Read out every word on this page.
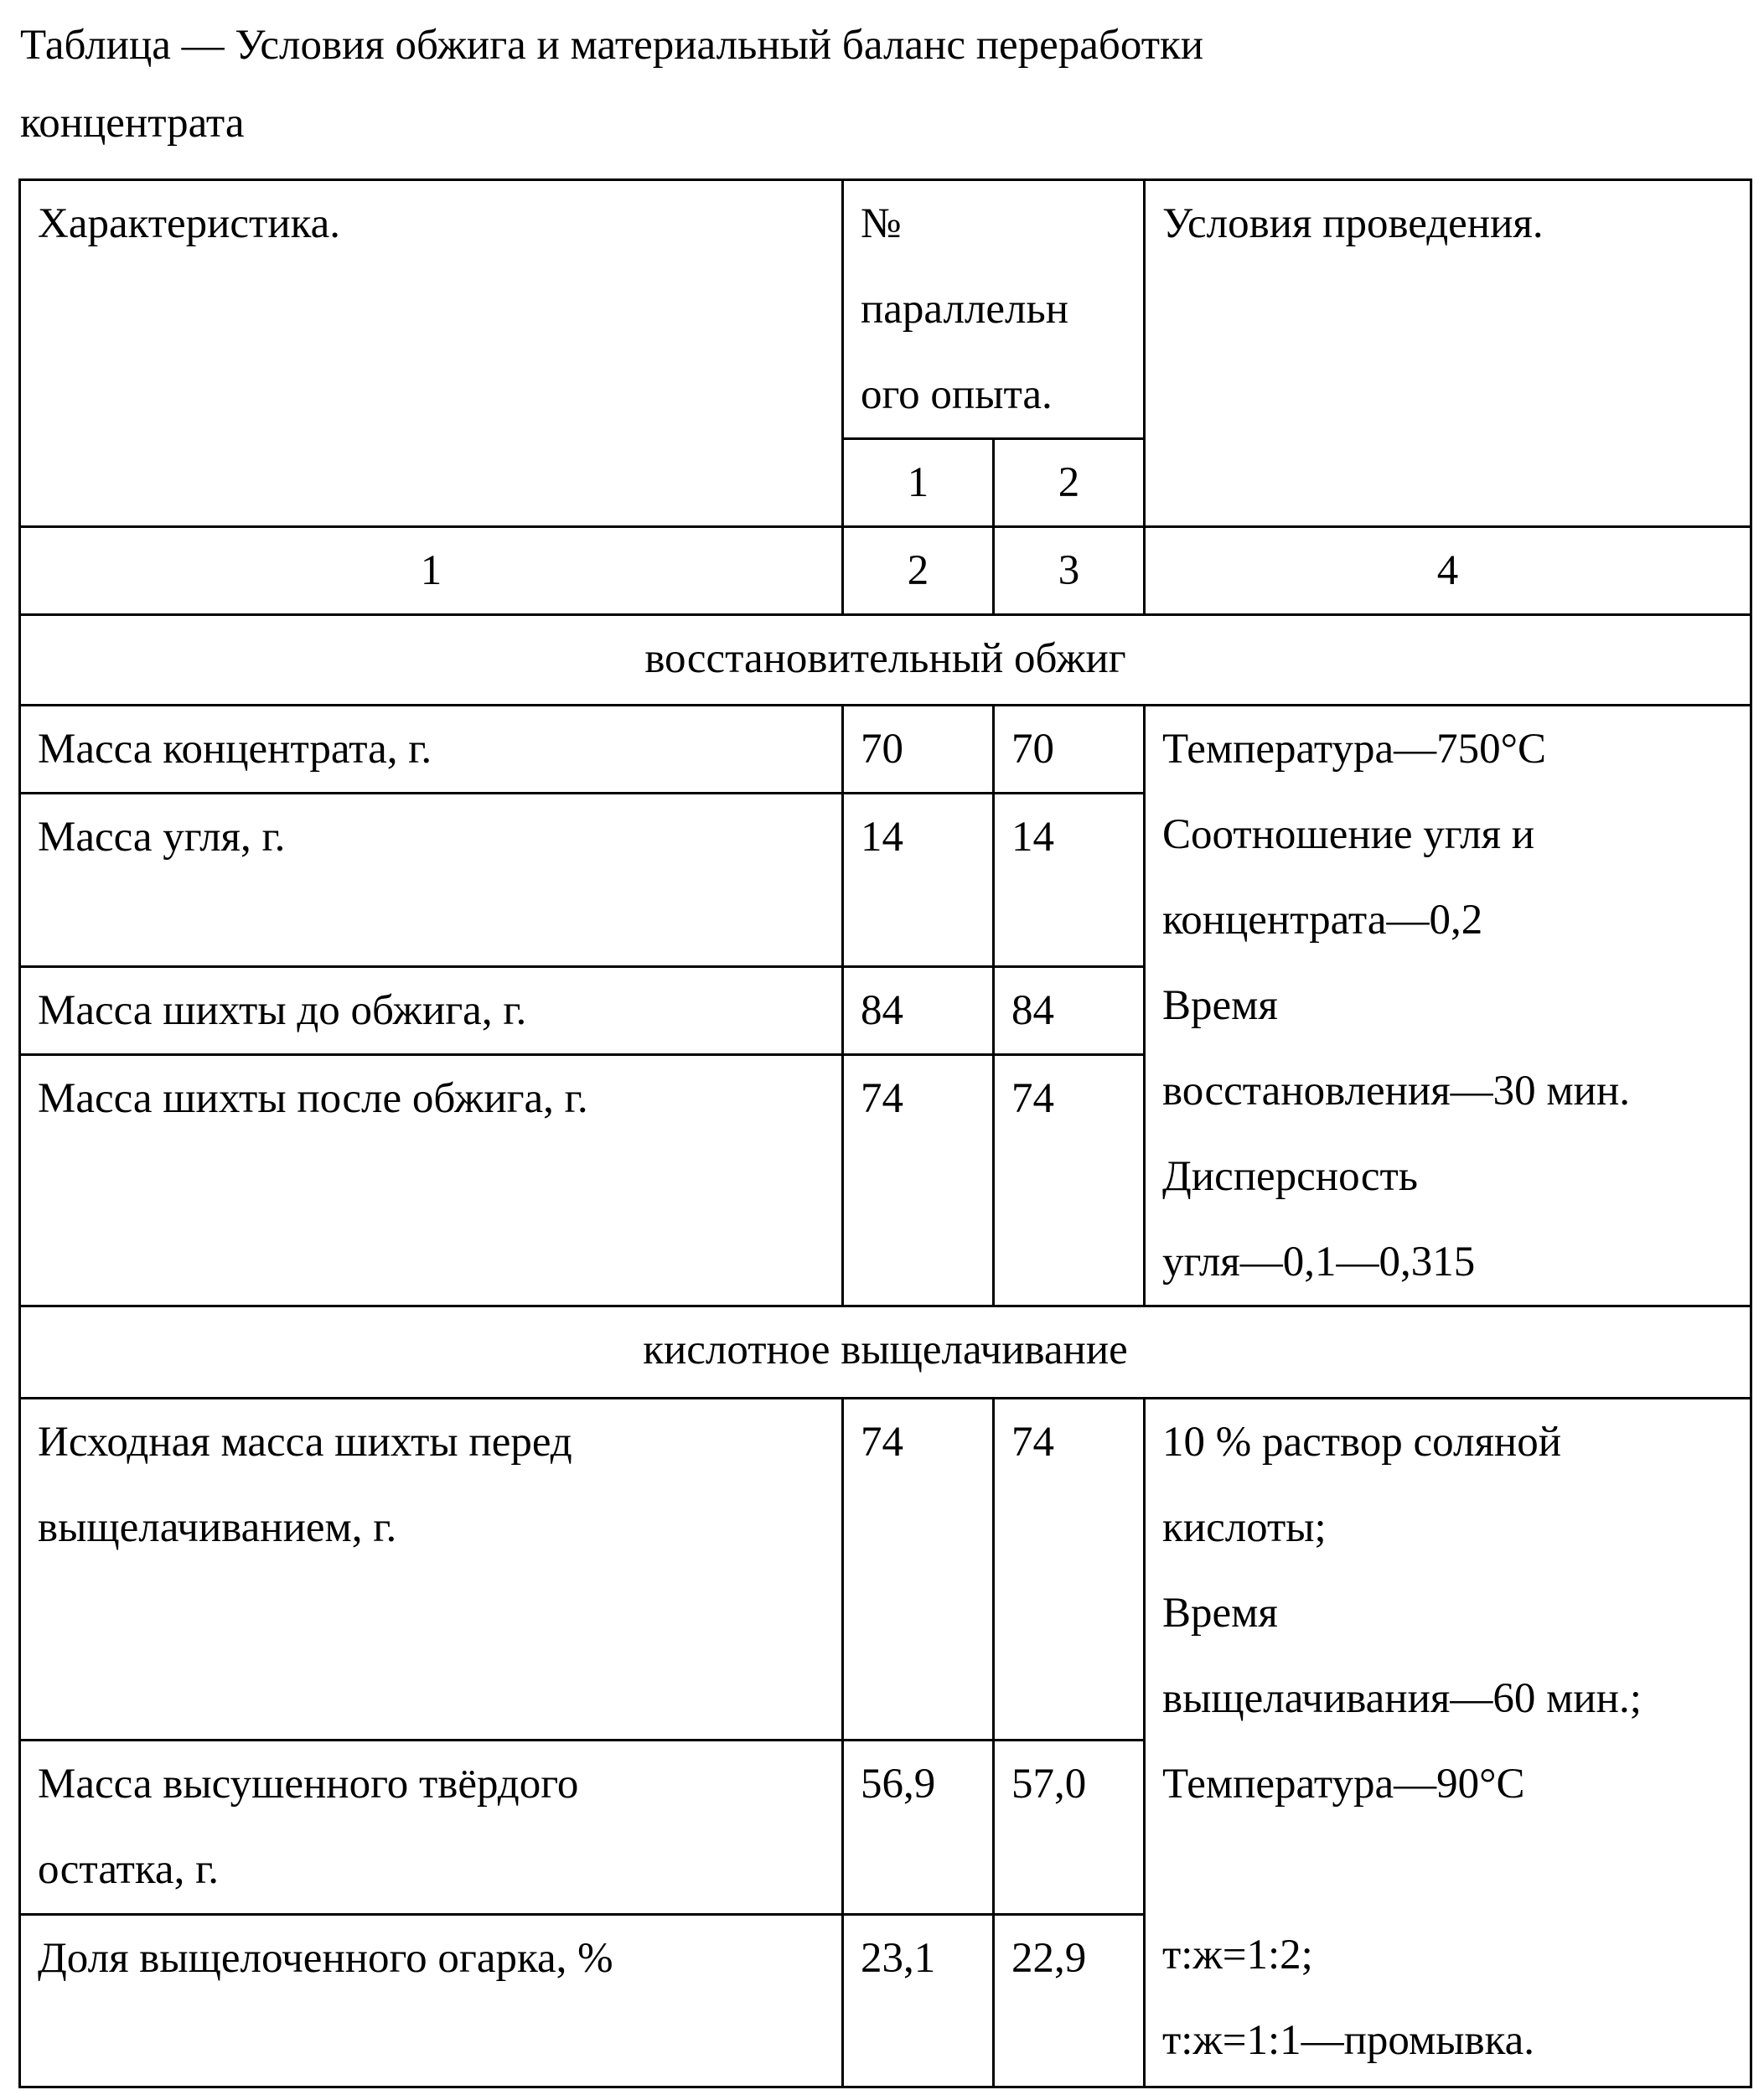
Таблица — Условия обжига и материальный баланс переработки
концентрата
Характеристика.	№
параллельн
ого опыта.
	Условия проведения.
1	2
1	2	3	4
восстановительный обжиг
Масса концентрата, г.	70	70	Температура—750°С
Соотношение угля и
концентрата—0,2
Время
восстановления—30 мин.
Дисперсность
угля—0,1—0,315

Масса угля, г.	14	14
Масса шихты до обжига, г.	84	84
Масса шихты после обжига, г.	74	74
кислотное выщелачивание

Исходная масса шихты перед
выщелачиванием, г.
	74	74	10 % раствор соляной
кислоты;
Время
выщелачивания—60 мин.;
Температура—90°С
т:ж=1:2;
т:ж=1:1—промывка.

Масса высушенного твёрдого
остатка, г.
	56,9	57,0
Доля выщелоченного огарка, %	23,1	22,9
